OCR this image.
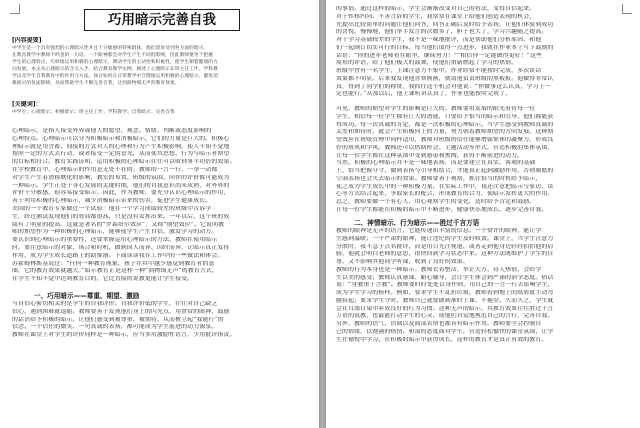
巧用暗示完善自我
[内容提要]
中学生是一个具有强烈的心理暗示性并且十分敏感的特殊群体，他们容易受到各方面的暗示，
在教育教学中教师不经意的一句话、一个眼神都会对学生产生不同的影响，因此教师要善于把握
学生的心理特点，巧妙地运用积极的心理暗示，调动学生的主动性和积极性，使学生朝着健康的方
向发展。本文从心理暗示的含义入手，结合教育教学实例，阐述了心理暗示在班主任工作、学科教
学以及学生自我教育中的作用与方法，探讨如何在日常教学中合理地运用积极的心理暗示，避免消
极暗示的负面影响，从而帮助学生不断完善自我，达到润物细无声的教育效果。
[关键词]：
中学生；心理暗示；积极暗示；班主任工作；学科教学；自我暗示；完善自我
心理暗示，是指人接受外界或他人的愿望、观念、情绪、判断或态度影响的
心理特点。心理暗示可以分为积极暗示和消极暗示，它们的力量是巨大的。积极心
理暗示就是用含蓄、间接的方式对人的心理和行为产生积极影响，使人不知不觉地
按照一定的方式去行动，或者接受一定的意见，从而使其思想、行为与暗示者期望
的目标相符合。教育实践证明，运用积极的心理暗示往往可以收到事半功倍的效果。
在学校教育中，心理暗示的作用是无处不在的。教师的一言一行、一举一动都
对学生产生着潜移默化的影响，教室的布置、班级的氛围、同伴的评价都可能成为
一种暗示。学生正处于身心发展的关键时期，他们的自我意识尚未成熟，对外界的
评价十分敏感，很容易接受暗示。因此，作为教师，要充分认识心理暗示的作用，
善于利用积极的心理暗示，减少消极暗示带来的伤害，促进学生健康成长。
美国的一个教育专家做过一个试验：他在一个学习成绩较差的班级中告诉学
生，经过测试发现他们的智商都很高，只是没有发挥出来。一年以后，这个班的成
绩有了明显的提高。这就是著名的“罗森塔尔效应”，又称“期望效应”。它说明教
师的期望作为一种积极的心理暗示，能够使学生产生自信，激发学习的动力。
要认识到心理暗示的重要性，还要掌握运用心理暗示的方法。教师在使用暗示
时，要注意暗示的对象、场合和时机，做到因人而异、因时而异，让暗示真正发挥
作用，成为学生成长道路上的助推器。下面谈谈我在工作中的一些做法和体会。
苏霍姆林斯基说过：“任何一种教育现象，孩子在其中越少感觉到教育者的意
图，它的教育效果就越大。”暗示教育正是这样一种“润物细无声”的教育方式，
在学生不知不觉中达到教育目的，它比直接的说教更能让学生接受。
一、巧用暗示——尊重、期望、激励
与自信心密切相关的是学生的自我评价。自我评价低的学生，往往对自己缺乏
信心，遇到困难就退缩。教师要善于发现他们身上的闪光点，用赞赏的眼神、鼓励
的话语给予积极的暗示，让他们感受到被尊重、被期待，从而树立起“我能行”的
信念。一个信任的微笑、一句真诚的表扬，都可能成为学生前进的动力源泉。
教师在课堂上对学生的评价同样是一种暗示，应当多用激励性语言，少用批评指责。
的事情。通过这样的暗示，学生会渐渐改变对自己的看法，变得自信起来。
对于性格内向、不善言辞的学生，我常常在课堂上给他们创造表现的机会，
先提出比较简单的问题让他们回答，回答正确后及时给予表扬，让他们体验到成功
的喜悦。慢慢地，他们举手发言的次数多了，胆子也大了，学习兴趣随之提高。
对于学习基础较差的学生，我不是一味地批评，而是帮助他们分析原因，和他
们一起制订切实可行的目标。每当他们取得一点进步，我就在作业本上写下鼓励的
话语：“你的进步老师看在眼里，继续努力！”“相信你一定能做得更好！”这些
简短的评语，给了他们极大的鼓舞，使他们重新燃起了学习的热情。
班级中曾有一名学生，上课注意力不集中，作业经常不能按时完成，多次谈话
效果都不明显。后来我发现他喜欢画画，就请他负责班级的黑板报。他做得非常认
真，得到了同学们的称赞。我抓住这个机会对他说：“你做事这么认真，学习上一
定也能行。”从那以后，他上课听讲认真了，作业也能按时完成了。
可见，教师的期望对学生的影响是巨大的。教师要用发展的眼光看待每一位
学生，相信每一位学生都有巨大的潜能，只要给予恰当的暗示和引导，他们都能获
得成功。每一次真诚的肯定，都是一次积极的心理暗示。当学生感受到教师真诚的
关爱和期待时，就会产生积极向上的力量，努力朝着教师期望的方向发展。这种期
望效应在班级管理中同样适用，教师对班级的信任能够增强集体的凝聚力，形成良
好的班风和学风。教师还可以借助班会、主题活动等形式，营造积极的集体氛围，
让每一位学生都在这种氛围中受到感染和熏陶，获得不断前进的动力。
当然，积极的心理暗示并不是一味地表扬，而是要建立在真实、客观的基础
上，恰当把握分寸，做到表扬与引导相结合，才能真正起到激励作用，否则频繁的
空洞表扬也会失去暗示的效果。教师要善于观察，抓住恰当的时机给予暗示，
使之成为学生成长中的一种积极力量。在实际工作中，我还注意把暗示与家访、谈
心等方式结合起来，争取家长的配合，形成教育的合力，使暗示发挥更大的作用。
总之，教师要做一个有心人，用心观察学生的变化，适时给予肯定和鼓励。
让每一位学生都能在积极的暗示中不断进步，健康快乐地成长，逐步完善自我。
二、神情暗示、行为暗示——胜过千言万语
教师的眼神是无声的语言，它能传递出丰富的信息。一个赞许的眼神，能让学
生感到温暖；一个严肃的眼神，能让违纪的学生及时收敛。课堂上，当学生注意力
分散时，我不急于点名批评，而是用目光注视他，或者走到他身边轻轻拍拍他的肩
膀，他就会明白老师的意思，很快回到学习状态中来。这种方法既维护了学生的自
尊，又不影响其他同学听课，收到了良好的效果。
教师的行为本身也是一种暗示。教师衣着整洁、举止大方、待人热情，会给学
生以美的感受；教师认真备课、耐心辅导，会让学生体会到严谨的治学态度。俗话
说：“身教重于言教”。教师要时时处处以身作则，用自己的一言一行去影响学生，
成为学生学习的榜样。例如，要求学生不乱扔垃圾，教师看到地上的纸屑就主动弯
腰捡起；要求学生守时，教师自己就要做到准时上课、不拖堂。久而久之，学生就
会在耳濡目染中养成良好的行为习惯。这种无声的暗示，其教育效果往往胜过千言
万语的说教，也最能打动学生的心灵，使他们自觉地规范自己的言行，完善自我。
另外，教师的语气、语调以及面部表情也都具有暗示作用。教师要学会控制自
己的情绪，以饱满的热情、和蔼的态度面对学生，营造轻松愉快的课堂氛围，让学
生在愉悦中学习，在积极的暗示中获得成长，这样的教育才是真正有效的教育。
